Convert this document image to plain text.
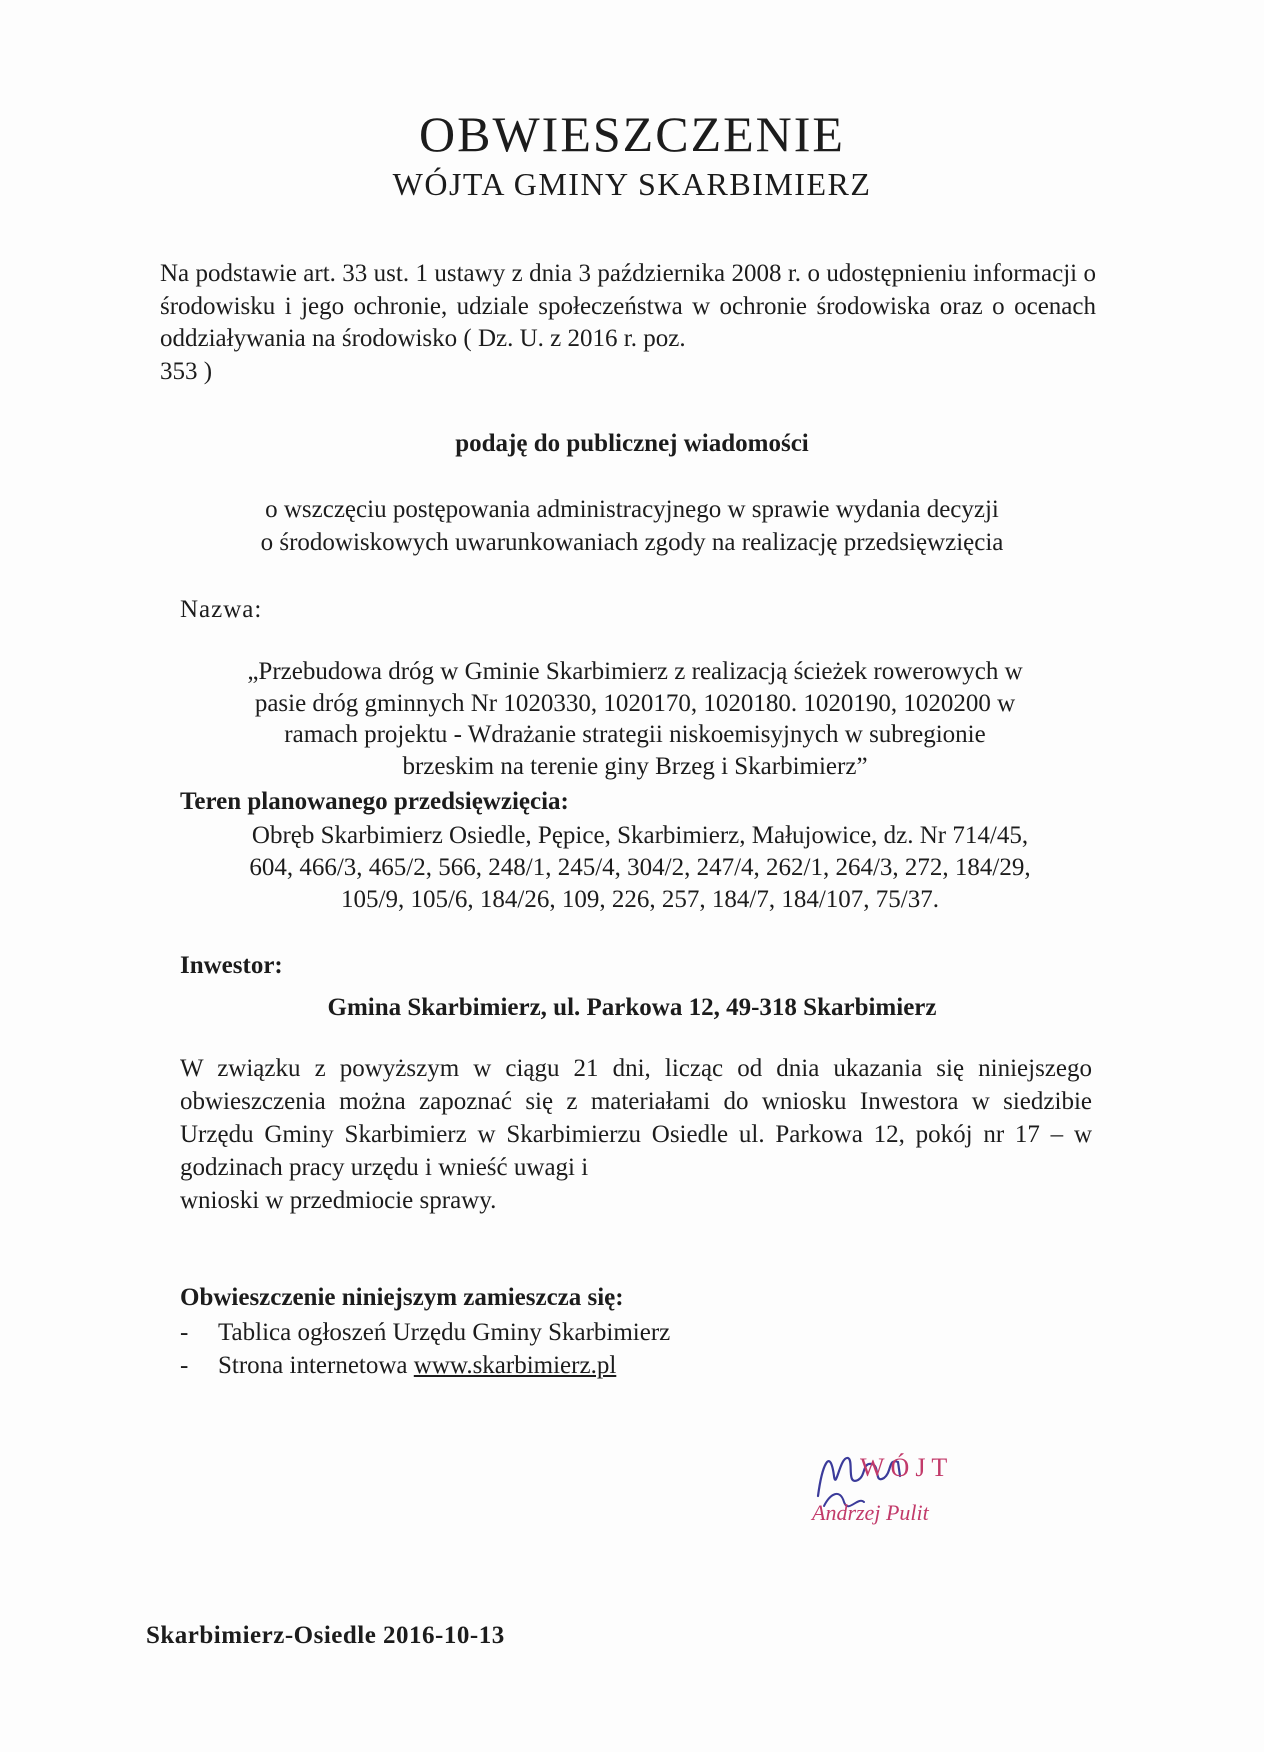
OBWIESZCZENIE
WÓJTA GMINY SKARBIMIERZ

Na podstawie art. 33 ust. 1 ustawy z dnia 3 października 2008 r. o udostępnieniu informacji o środowisku i jego ochronie, udziale społeczeństwa w ochronie środowiska oraz o ocenach oddziaływania na środowisko ( Dz. U. z 2016 r. poz.
353 )

podaję do publicznej wiadomości
o wszczęciu postępowania administracyjnego w sprawie wydania decyzji
o środowiskowych uwarunkowaniach zgody na realizację przedsięwzięcia
Nazwa:
„Przebudowa dróg w Gminie Skarbimierz z realizacją ścieżek rowerowych w
pasie dróg gminnych Nr 1020330, 1020170, 1020180. 1020190, 1020200 w
ramach projektu - Wdrażanie strategii niskoemisyjnych w subregionie
brzeskim na terenie giny Brzeg i Skarbimierz”
Teren planowanego przedsięwzięcia:
Obręb Skarbimierz Osiedle, Pępice, Skarbimierz, Małujowice, dz. Nr 714/45,
604, 466/3, 465/2, 566, 248/1, 245/4, 304/2, 247/4, 262/1, 264/3, 272, 184/29,
105/9, 105/6, 184/26, 109, 226, 257, 184/7, 184/107, 75/37.
Inwestor:
Gmina Skarbimierz, ul. Parkowa 12, 49-318 Skarbimierz

W związku z powyższym w ciągu 21 dni, licząc od dnia ukazania się niniejszego obwieszczenia można zapoznać się z materiałami do wniosku Inwestora w siedzibie Urzędu Gminy Skarbimierz w Skarbimierzu Osiedle ul. Parkowa 12, pokój nr 17 – w godzinach pracy urzędu i wnieść uwagi i
wnioski w przedmiocie sprawy.

Obwieszczenie niniejszym zamieszcza się:
- Tablica ogłoszeń Urzędu Gminy Skarbimierz
- Strona internetowa www.skarbimierz.pl
WÓJT
Andrzej Pulit
Skarbimierz-Osiedle 2016-10-13
